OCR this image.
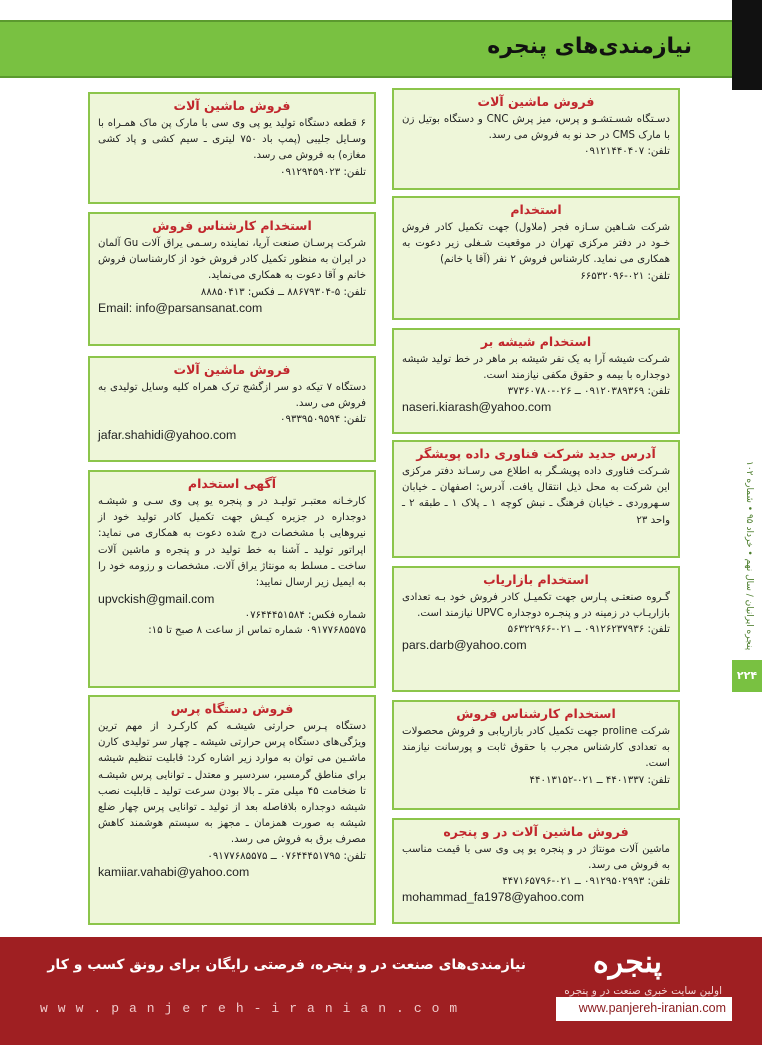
نیازمندی‌های پنجره
پنجره ایرانیان / سال نهم • خرداد ۹۵ • شماره ۱۰۲
۲۲۴
فروش ماشین آلات
۶ قطعه دستگاه تولید یو پی وی سی با مارک پن ماک همـراه با وسـایل جلیبی (پمپ باد ۷۵۰ لیتری ـ سیم کشی و پاد کشی مغازه) به فروش می رسد.
تلفن: ۰۹۱۲۹۴۵۹۰۲۳
استخدام کارشناس فروش
شرکت پرسـان صنعت آریا، نماینده رسـمی یراق آلات Gu آلمان در ایران به منظور تکمیل کادر فروش خود از کارشناسان فروش خانم و آقا دعوت به همکاری می‌نماید.
تلفن: ۵-۸۸۶۷۹۳۰۴ ــ فکس: ۸۸۸۵۰۴۱۳
Email: info@parsansanat.com
فروش ماشین آلات
دستگاه ۷ تیکه دو سر ازگشج ترک همراه کلیه وسایل تولیدی به فروش می رسد.
تلفن: ۰۹۳۳۹۵۰۹۵۹۴
jafar.shahidi@yahoo.com
آگهی استخدام
کارخـانه معتبـر تولیـد در و پنجره یو پی وی سـی و شیشـه دوجداره در جزیره کیـش جهت تکمیل کادر تولید خود از نیروهایی با مشخصات درج شده دعوت به همکاری می نماید: اپراتور تولید ـ آشنا به خط تولید در و پنجره و ماشین آلات ساخت ـ مسلط به مونتاژ یراق آلات. مشخصات و رزومه خود را به ایمیل زیر ارسال نمایید:
upvckish@gmail.com
شماره فکس: ۰۷۶۴۴۴۵۱۵۸۴
۰۹۱۷۷۶۸۵۵۷۵ شماره تماس از ساعت ۸ صبح تا ۱۵:
فروش دستگاه پرس
دستگاه پـرس حرارتی شیشـه کم کارکـرد از مهم ترین ویژگی‌های دستگاه پرس حرارتی شیشه ـ چهار سر تولیدی کارن ماشـین می توان به موارد زیر اشاره کرد: قابلیت تنظیم شیشه برای مناطق گرمسیر، سردسیر و معتدل ـ توانایی پرس شیشـه تا ضخامت ۴۵ میلی متر ـ بالا بودن سرعت تولید ـ قابلیت نصب شیشه دوجداره بلافاصله بعد از تولید ـ توانایی پرس چهار ضلع شیشه به صورت همزمان ـ مجهز به سیستم هوشمند کاهش مصرف برق به فروش می رسد.
تلفن: ۰۷۶۴۴۴۵۱۷۹۵ ــ ۰۹۱۷۷۶۸۵۵۷۵
kamiiar.vahabi@yahoo.com
فروش ماشین آلات
دسـتگاه شسـتشـو و پرس، میز پرش CNC و دستگاه بوتیل زن با مارک CMS در حد نو به فروش می رسد.
تلفن: ۰۹۱۲۱۴۴۰۴۰۷
استخدام
شرکت شـاهین سـازه فجر (ملاول) جهت تکمیل کادر فروش خـود در دفتر مرکزی تهران در موقعیت شـغلی زیر دعوت به همکاری می نماید. کارشناس فروش ۲ نفر (آقا یا خانم)
تلفن: ۰۲۱-۶۶۵۳۲۰۹۶
استخدام شیشه بر
شـرکت شیشه آرا به یک نفر شیشه بر ماهر در خط تولید شیشه دوجداره با بیمه و حقوق مکفی نیازمند است.
تلفن: ۰۹۱۲۰۳۸۹۳۶۹ ــ ۰۲۶-۳۷۳۶۰۷۸۰
naseri.kiarash@yahoo.com
آدرس جدید شرکت فناوری داده پویشگر
شـرکت فناوری داده پویشـگر به اطلاع می رسـاند دفتر مرکزی این شرکت به محل ذیل انتقال یافت. آدرس: اصفهان ـ خیابان سـهروردی ـ خیابان فرهنگ ـ نبش کوچه ۱ ـ پلاک ۱ ـ طبقه ۲ ـ واحد ۲۳
استخدام بازاریاب
گـروه صنعتـی پـارس جهت تکمیـل کادر فروش خود بـه تعدادی بازاریـاب در زمینه در و پنجـره دوجداره UPVC نیازمند است.
تلفن: ۰۹۱۲۶۲۳۷۹۳۶ ــ ۰۲۱-۵۶۳۲۲۹۶۶
pars.darb@yahoo.com
استخدام کارشناس فروش
شرکت proline جهت تکمیل کادر بازاریابی و فروش محصولات به تعدادی کارشناس مجرب با حقوق ثابت و پورسانت نیازمند است.
تلفن: ۴۴۰۱۳۳۷ ــ ۰۲۱-۴۴۰۱۳۱۵۲
فروش ماشین آلات در و پنجره
ماشین آلات مونتاژ در و پنجره یو پی وی سی با قیمت مناسب به فروش می رسد.
تلفن: ۰۹۱۲۹۵۰۲۹۹۳ ــ ۰۲۱-۴۴۷۱۶۵۷۹۶
mohammad_fa1978@yahoo.com
نیازمندی‌های صنعت در و پنجره، فرصتی رایگان برای رونق کسب و کار پنجره
اولین سایت خبری صنعت در و پنجره
www.panjereh-iranian.com	www.panjereh-iranian.com
